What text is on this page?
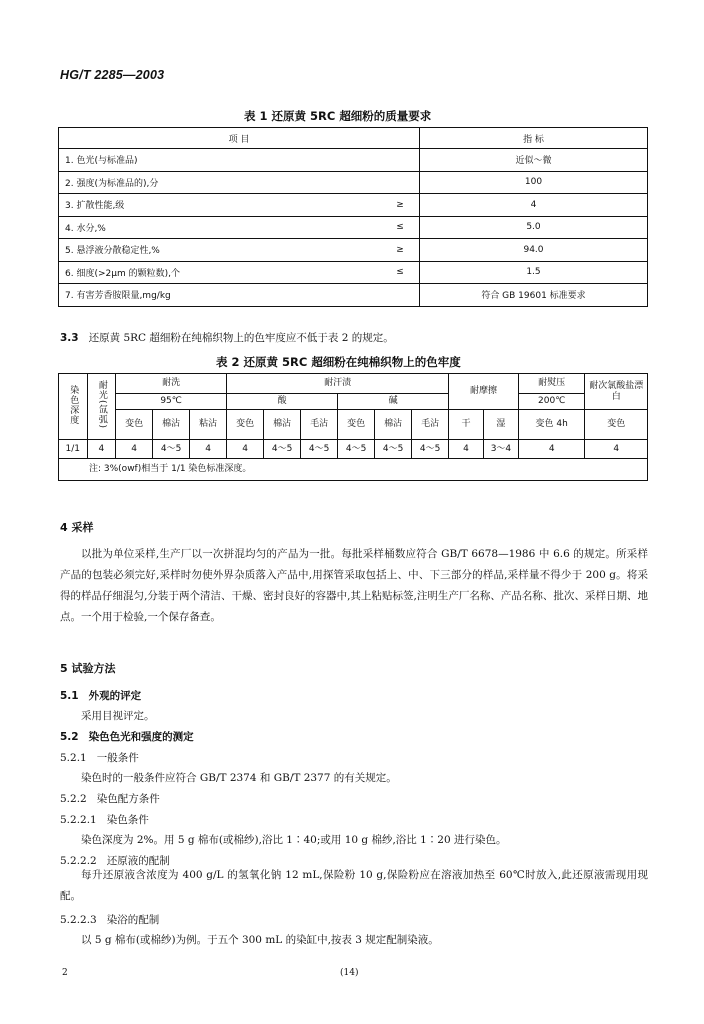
HG/T 2285—2003
表 1 还原黄 5RC 超细粉的质量要求
项 目		指 标
1. 色光(与标准品)		近似～微
2. 强度(为标准品的),分		100
3. 扩散性能,级	≥	4
4. 水分,%	≤	5.0
5. 悬浮液分散稳定性,%	≥	94.0
6. 细度(>2μm 的颗粒数),个	≤	1.5
7. 有害芳香胺限量,mg/kg		符合 GB 19601 标准要求
3.3 还原黄 5RC 超细粉在纯棉织物上的色牢度应不低于表 2 的规定。
表 2 还原黄 5RC 超细粉在纯棉织物上的色牢度
染色深度	耐光(氙弧)	耐洗			耐汗渍						耐摩擦		耐熨压	耐次氯酸盐漂白
		95℃			酸			碱					200℃	
		变色	棉沾	粘沾	变色	棉沾	毛沾	变色	棉沾	毛沾	干	湿	变色 4h	变色
1/1	4	4	4～5	4	4	4～5	4～5	4～5	4～5	4～5	4	3～4	4	4
注: 3%(owf)相当于 1/1 染色标准深度。														
4 采样
以批为单位采样,生产厂以一次拼混均匀的产品为一批。每批采样桶数应符合 GB/T 6678—1986 中 6.6 的规定。所采样产品的包装必须完好,采样时勿使外界杂质落入产品中,用探管采取包括上、中、下三部分的样品,采样量不得少于 200 g。将采得的样品仔细混匀,分装于两个清洁、干燥、密封良好的容器中,其上粘贴标签,注明生产厂名称、产品名称、批次、采样日期、地点。一个用于检验,一个保存备查。
5 试验方法
5.1 外观的评定
采用目视评定。
5.2 染色色光和强度的测定
5.2.1 一般条件
染色时的一般条件应符合 GB/T 2374 和 GB/T 2377 的有关规定。
5.2.2 染色配方条件
5.2.2.1 染色条件
染色深度为 2%。用 5 g 棉布(或棉纱),浴比 1∶40;或用 10 g 棉纱,浴比 1∶20 进行染色。
5.2.2.2 还原液的配制
每升还原液含浓度为 400 g/L 的氢氧化钠 12 mL,保险粉 10 g,保险粉应在溶液加热至 60℃时放入,此还原液需现用现配。
5.2.2.3 染浴的配制
以 5 g 棉布(或棉纱)为例。于五个 300 mL 的染缸中,按表 3 规定配制染液。
2	(14)
